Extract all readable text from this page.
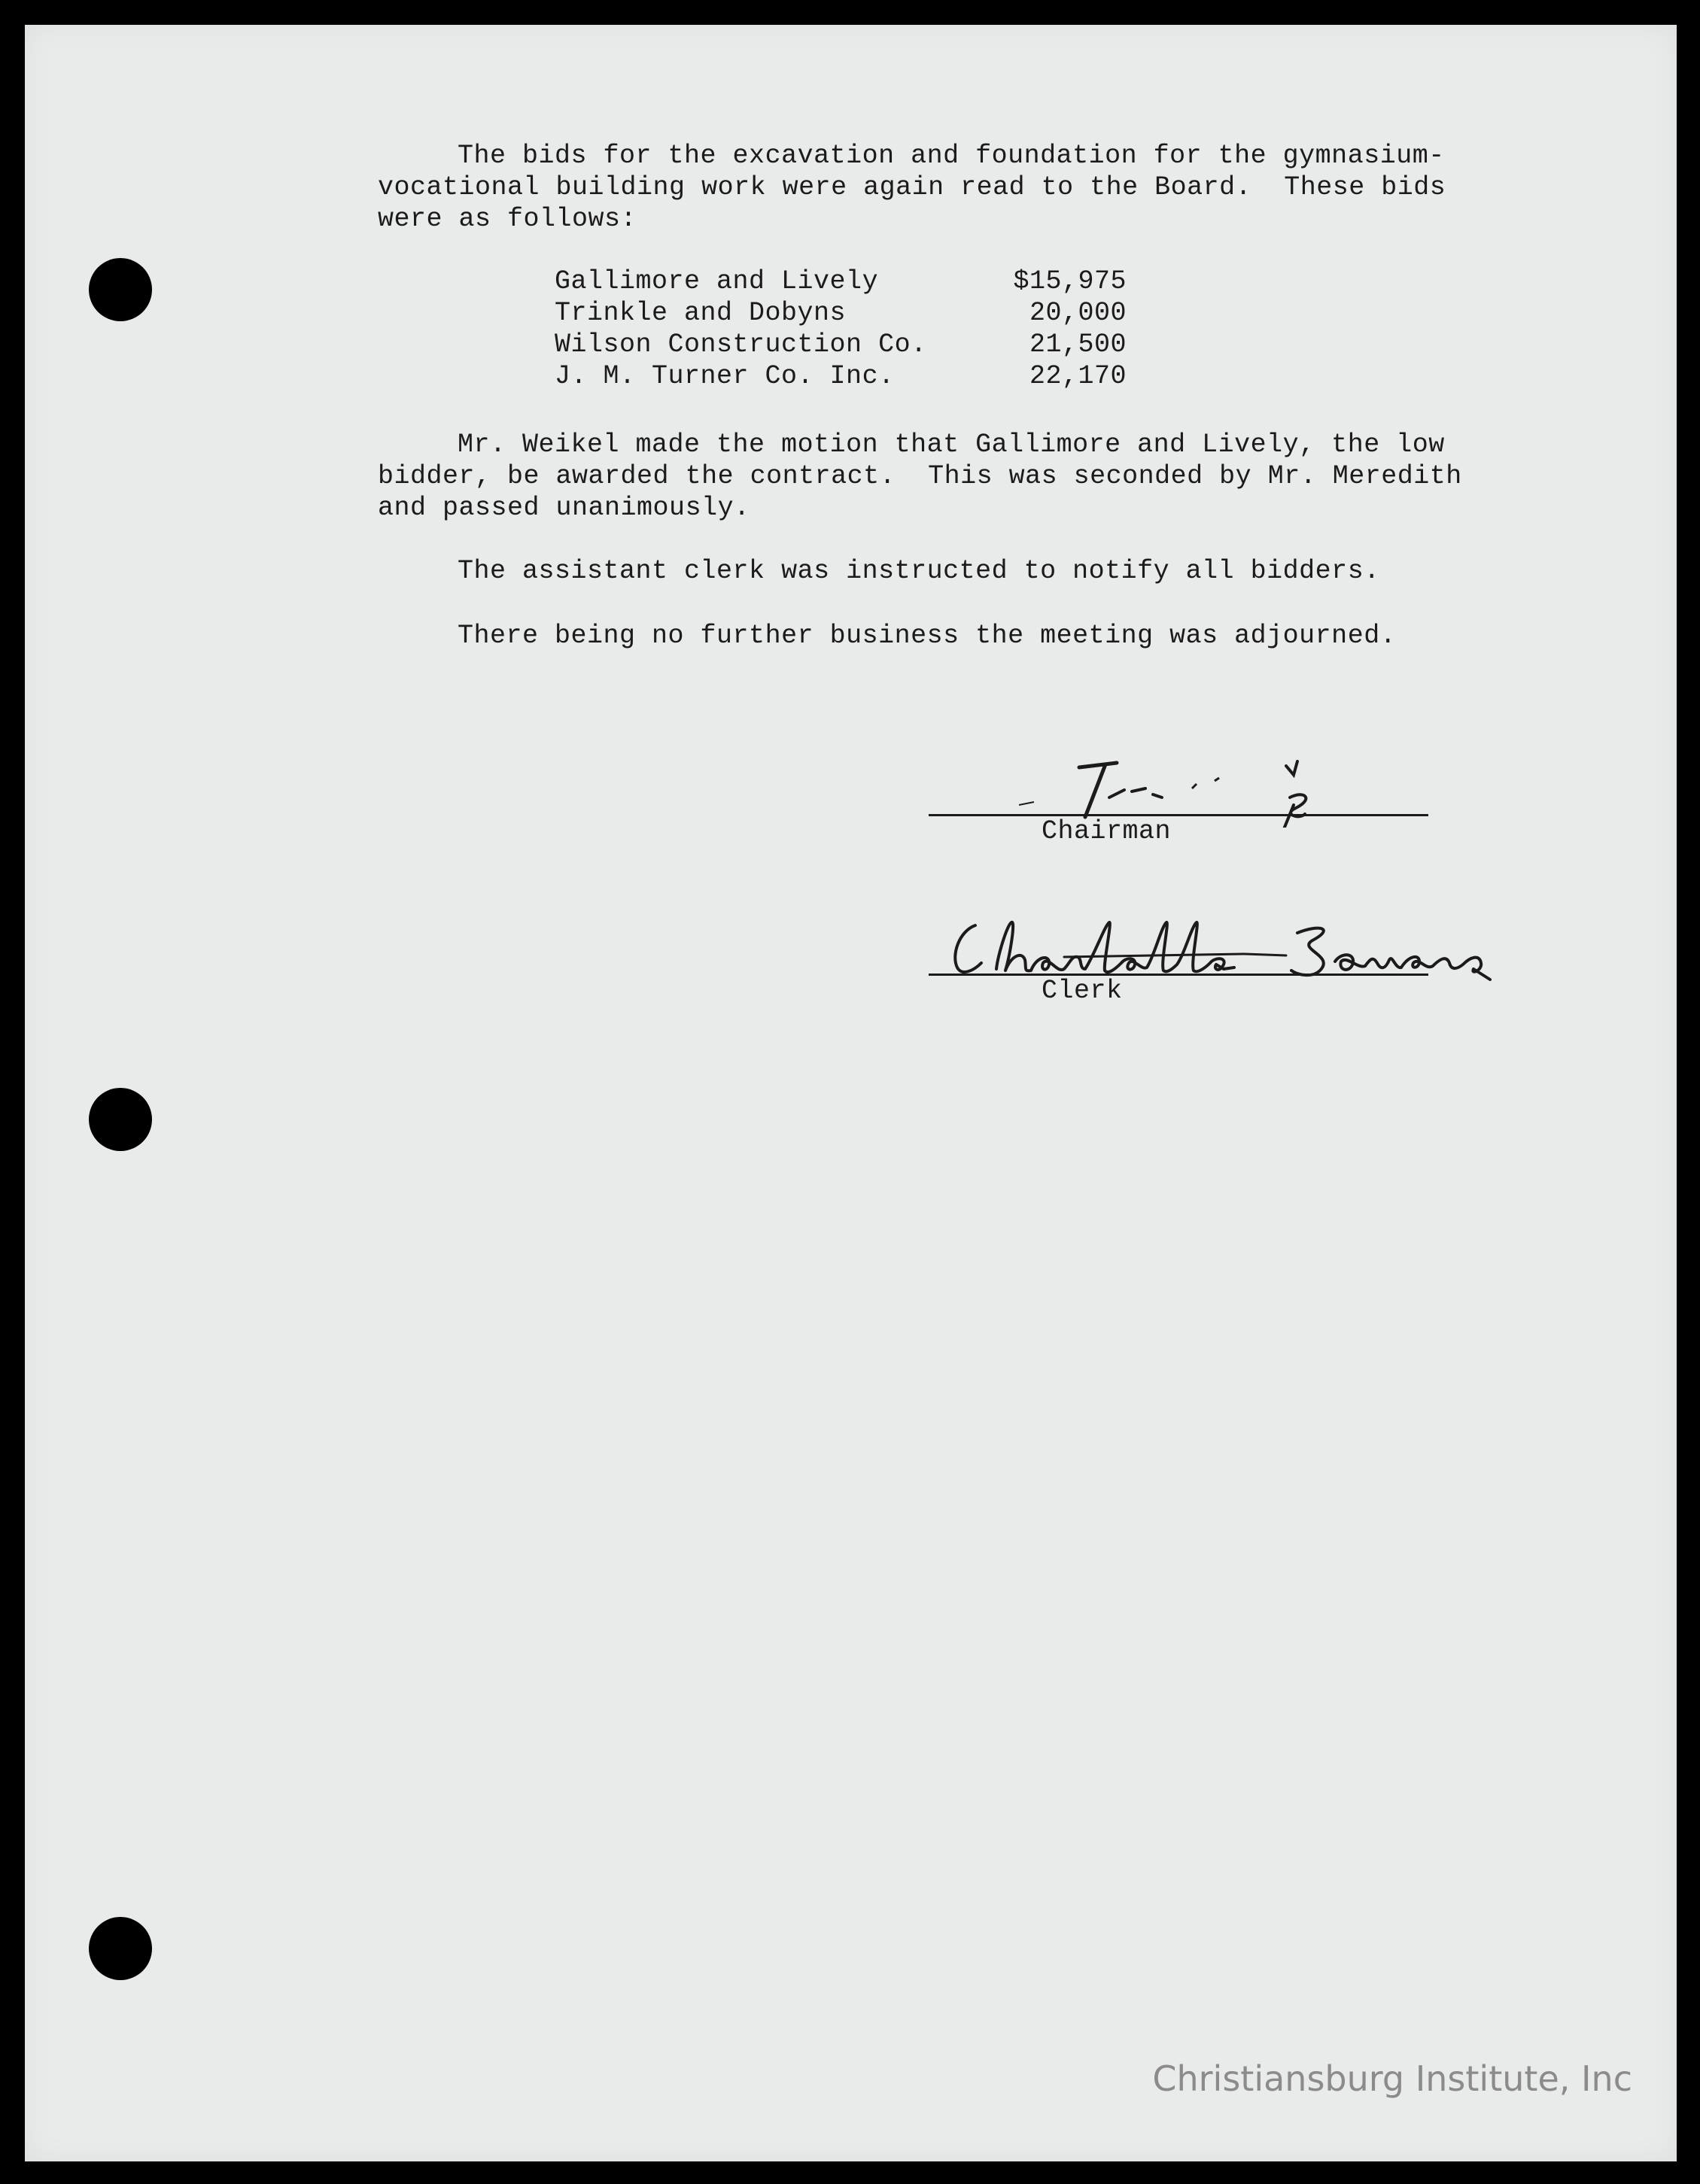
The bids for the excavation and foundation for the gymnasium-
vocational building work were again read to the Board.  These bids
were as follows:

Gallimore and Lively	$15,975
Trinkle and Dobyns	20,000
Wilson Construction Co.	21,500
J. M. Turner Co. Inc.	22,170

Mr. Weikel made the motion that Gallimore and Lively, the low
bidder, be awarded the contract.  This was seconded by Mr. Meredith
and passed unanimously.

The assistant clerk was instructed to notify all bidders.

There being no further business the meeting was adjourned.

Chairman
Clerk
Christiansburg Institute, Inc
